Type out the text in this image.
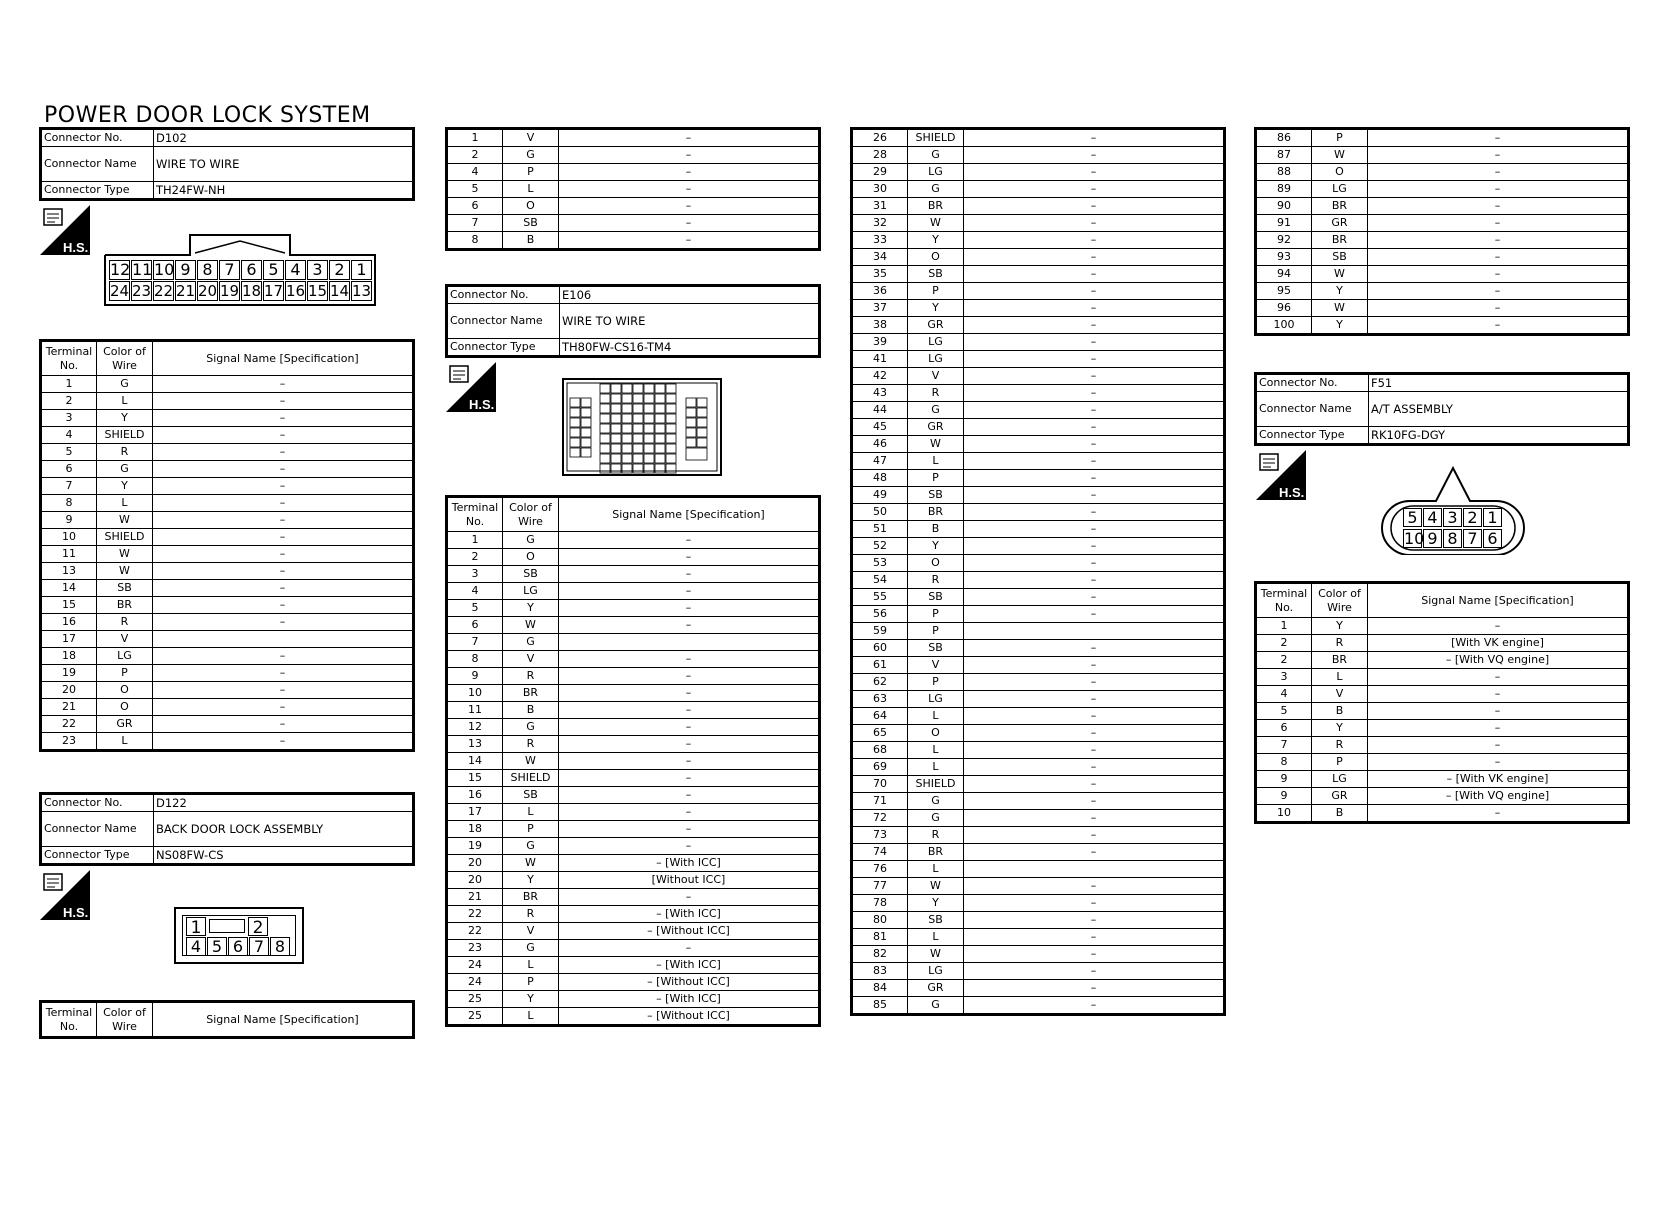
POWER DOOR LOCK SYSTEM
Connector No.	D102
Connector Name	WIRE TO WIRE
Connector Type	TH24FW-NH
H.S.
12 11 10 9 8 7 6 5 4 3 2 1
24 23 22 21 20 19 18 17 16 15 14 13
Terminal No.	Color of Wire	Signal Name [Specification]
1	G	–
2	L	–
3	Y	–
4	SHIELD	–
5	R	–
6	G	–
7	Y	–
8	L	–
9	W	–
10	SHIELD	–
11	W	–
13	W	–
14	SB	–
15	BR	–
16	R	–
17	V	
18	LG	–
19	P	–
20	O	–
21	O	–
22	GR	–
23	L	–
Connector No.	D122
Connector Name	BACK DOOR LOCK ASSEMBLY
Connector Type	NS08FW-CS
H.S.
1	2
4 5 6 7 8
Terminal No.	Color of Wire	Signal Name [Specification]
1	V	–
2	G	–
4	P	–
5	L	–
6	O	–
7	SB	–
8	B	–
Connector No.	E106
Connector Name	WIRE TO WIRE
Connector Type	TH80FW-CS16-TM4
H.S.
Terminal No.	Color of Wire	Signal Name [Specification]
1	G	–
2	O	–
3	SB	–
4	LG	–
5	Y	–
6	W	–
7	G	
8	V	–
9	R	–
10	BR	–
11	B	–
12	G	–
13	R	–
14	W	–
15	SHIELD	–
16	SB	–
17	L	–
18	P	–
19	G	–
20	W	– [With ICC]
20	Y	[Without ICC]
21	BR	–
22	R	– [With ICC]
22	V	– [Without ICC]
23	G	–
24	L	– [With ICC]
24	P	– [Without ICC]
25	Y	– [With ICC]
25	L	– [Without ICC]
26	SHIELD	–
28	G	–
29	LG	–
30	G	–
31	BR	–
32	W	–
33	Y	–
34	O	–
35	SB	–
36	P	–
37	Y	–
38	GR	–
39	LG	–
41	LG	–
42	V	–
43	R	–
44	G	–
45	GR	–
46	W	–
47	L	–
48	P	–
49	SB	–
50	BR	–
51	B	–
52	Y	–
53	O	–
54	R	–
55	SB	–
56	P	–
59	P	
60	SB	–
61	V	–
62	P	–
63	LG	–
64	L	–
65	O	–
68	L	–
69	L	–
70	SHIELD	–
71	G	–
72	G	–
73	R	–
74	BR	–
76	L	
77	W	–
78	Y	–
80	SB	–
81	L	–
82	W	–
83	LG	–
84	GR	–
85	G	–
86	P	–
87	W	–
88	O	–
89	LG	–
90	BR	–
91	GR	–
92	BR	–
93	SB	–
94	W	–
95	Y	–
96	W	–
100	Y	–
Connector No.	F51
Connector Name	A/T ASSEMBLY
Connector Type	RK10FG-DGY
H.S.
5 4 3 2 1
10 9 8 7 6
Terminal No.	Color of Wire	Signal Name [Specification]
1	Y	–
2	R	[With VK engine]
2	BR	– [With VQ engine]
3	L	–
4	V	–
5	B	–
6	Y	–
7	R	–
8	P	–
9	LG	– [With VK engine]
9	GR	– [With VQ engine]
10	B	–
